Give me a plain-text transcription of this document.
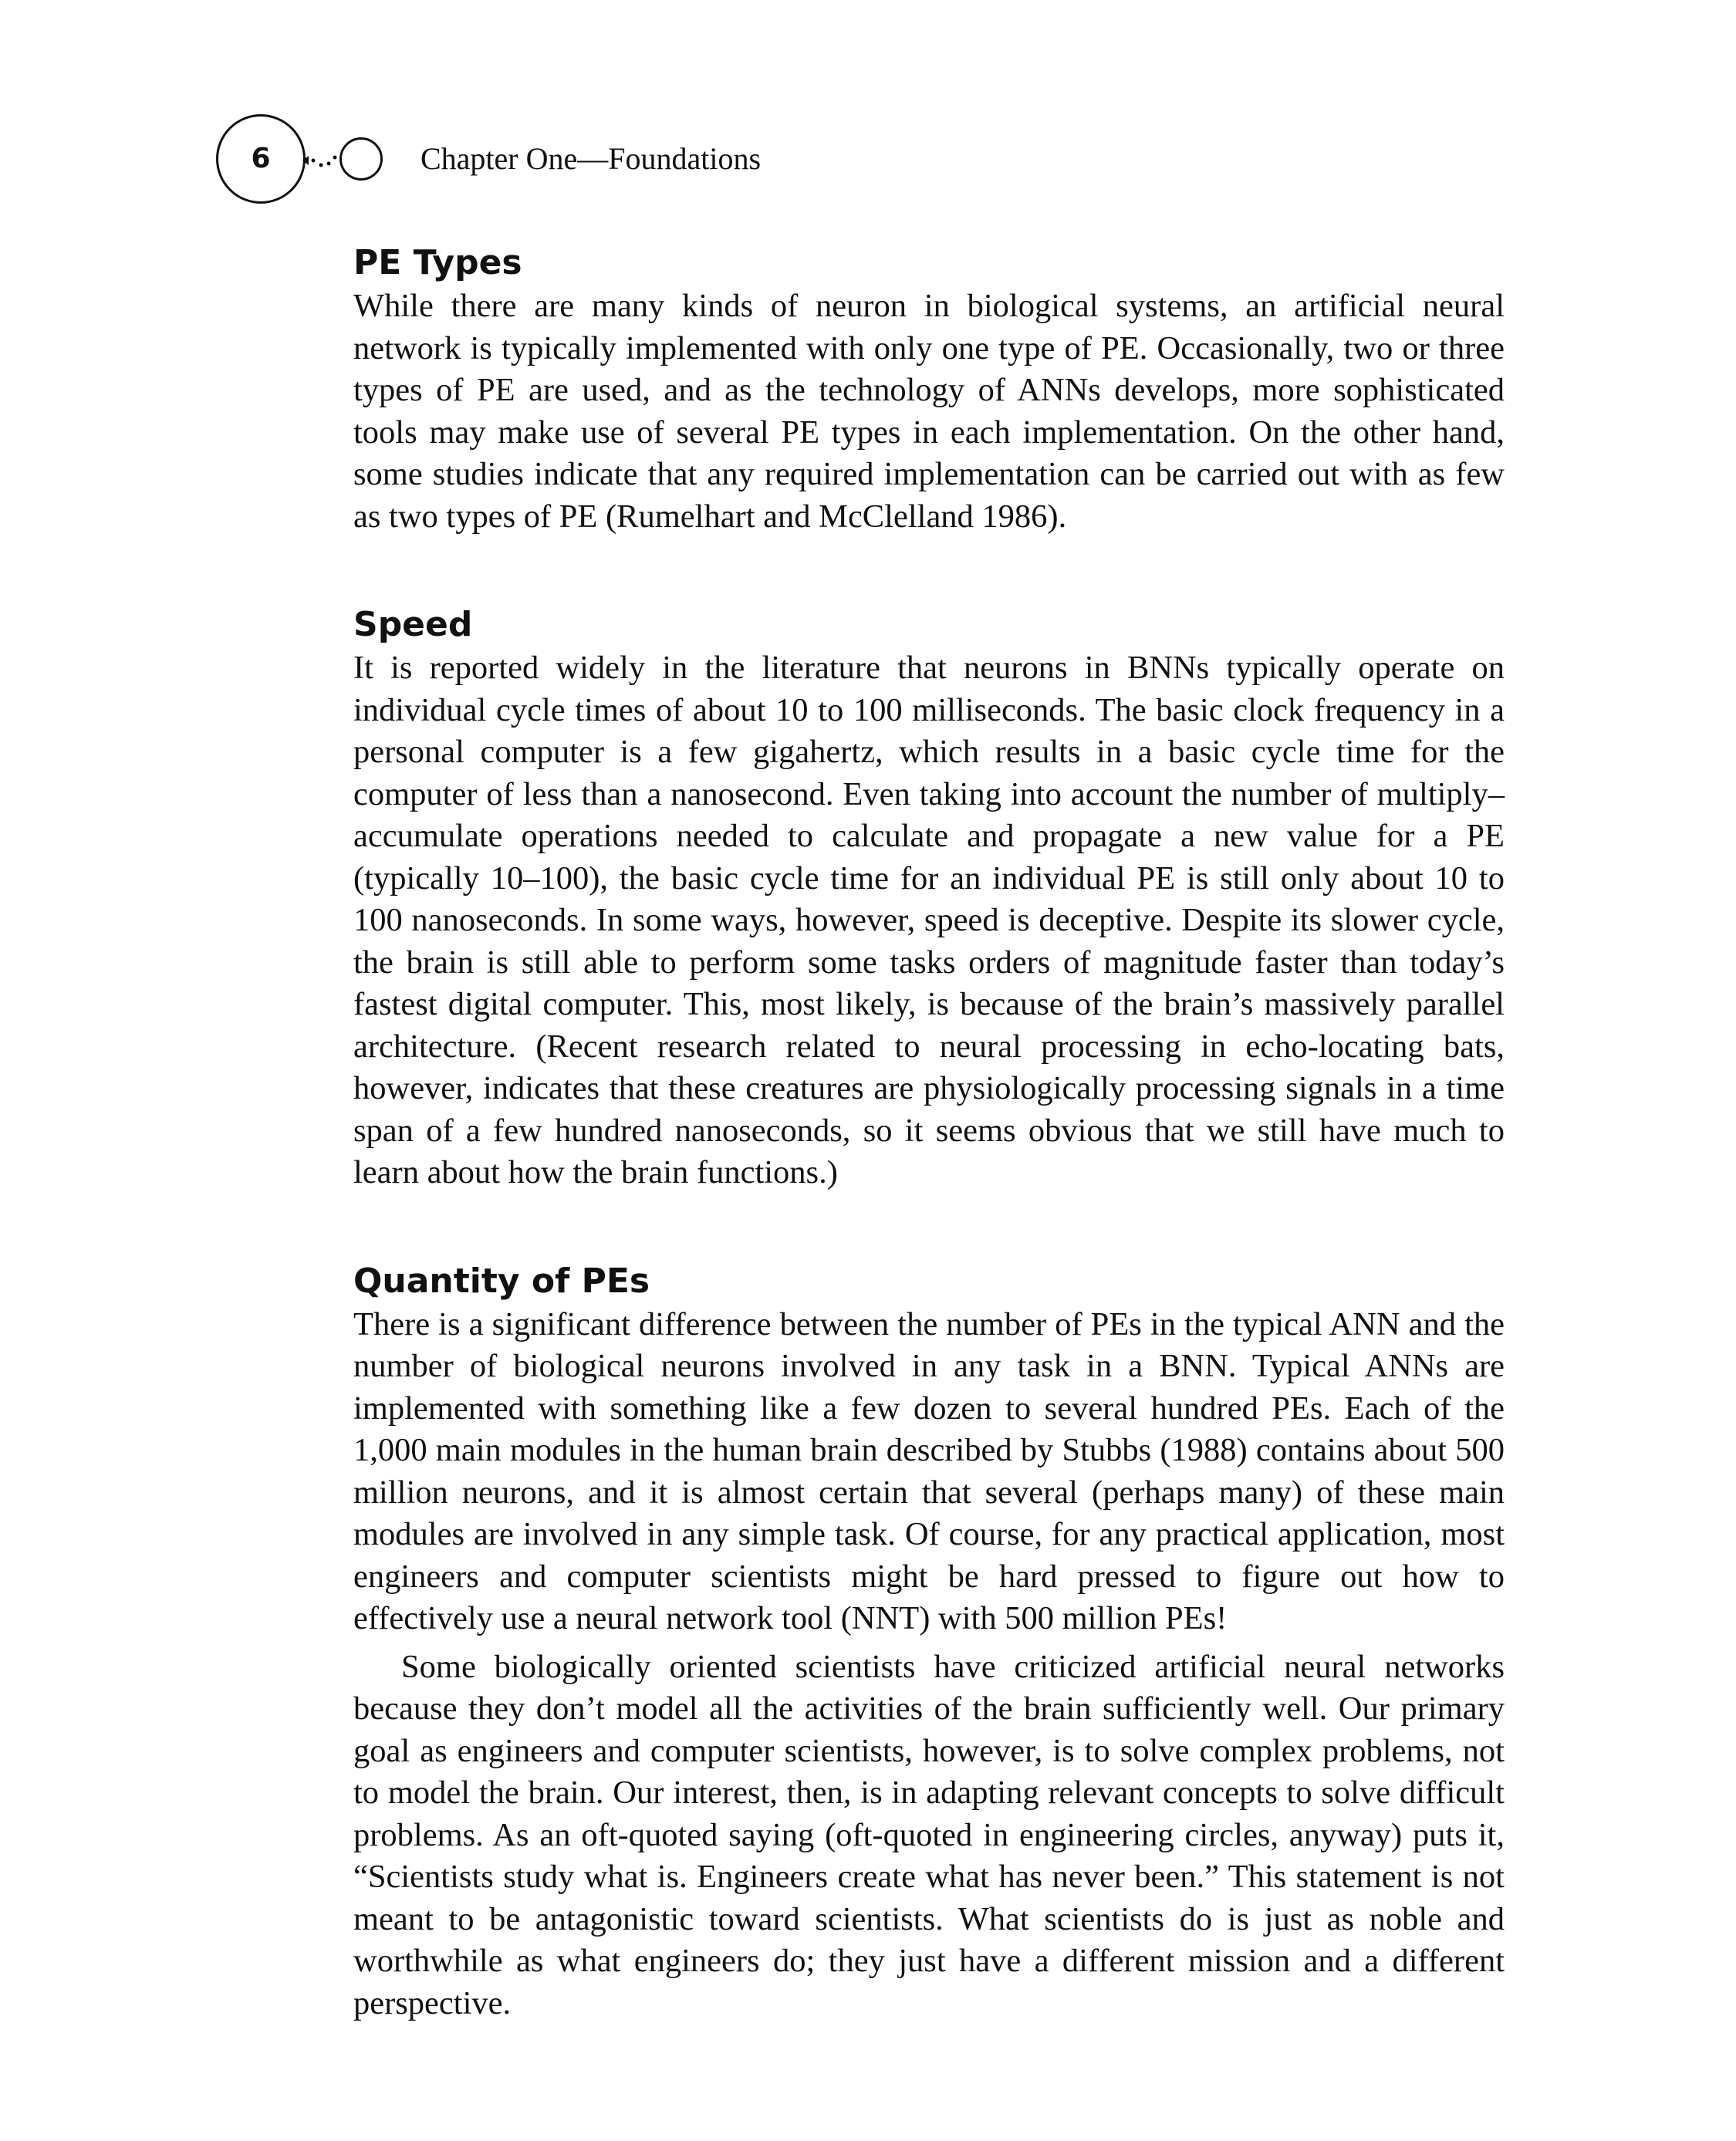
6	Chapter One—Foundations
PE Types

While there are many kinds of neuron in biological systems, an artificial neural network is typically implemented with only one type of PE. Occasionally, two or three types of PE are used, and as the technology of ANNs develops, more sophisticated tools may make use of several PE types in each implementation. On the other hand, some studies indicate that any required implementation can be carried out with as few as two types of PE (Rumelhart and McClelland 1986).

Speed

It is reported widely in the literature that neurons in BNNs typically operate on individual cycle times of about 10 to 100 milliseconds. The basic clock frequency in a personal computer is a few gigahertz, which results in a basic cycle time for the computer of less than a nanosecond. Even taking into account the number of multiply–accumulate operations needed to calculate and propagate a new value for a PE (typically 10–100), the basic cycle time for an individual PE is still only about 10 to 100 nanoseconds. In some ways, however, speed is deceptive. Despite its slower cycle, the brain is still able to perform some tasks orders of magnitude faster than today’s fastest digital computer. This, most likely, is because of the brain’s massively parallel architecture. (Recent research related to neural processing in echo-locating bats, however, indicates that these creatures are physiologically processing signals in a time span of a few hundred nanoseconds, so it seems obvious that we still have much to learn about how the brain functions.)

Quantity of PEs

There is a significant difference between the number of PEs in the typical ANN and the number of biological neurons involved in any task in a BNN. Typical ANNs are implemented with something like a few dozen to several hundred PEs. Each of the 1,000 main modules in the human brain described by Stubbs (1988) contains about 500 million neurons, and it is almost certain that several (perhaps many) of these main modules are involved in any simple task. Of course, for any practical application, most engineers and computer scientists might be hard pressed to figure out how to effectively use a neural network tool (NNT) with 500 million PEs!

Some biologically oriented scientists have criticized artificial neural networks because they don’t model all the activities of the brain sufficiently well. Our primary goal as engineers and computer scientists, however, is to solve complex problems, not to model the brain. Our interest, then, is in adapting relevant concepts to solve difficult problems. As an oft-quoted saying (oft-quoted in engineering circles, anyway) puts it, “Scientists study what is. Engineers create what has never been.” This statement is not meant to be antagonistic toward scientists. What scientists do is just as noble and worthwhile as what engineers do; they just have a different mission and a different perspective.
